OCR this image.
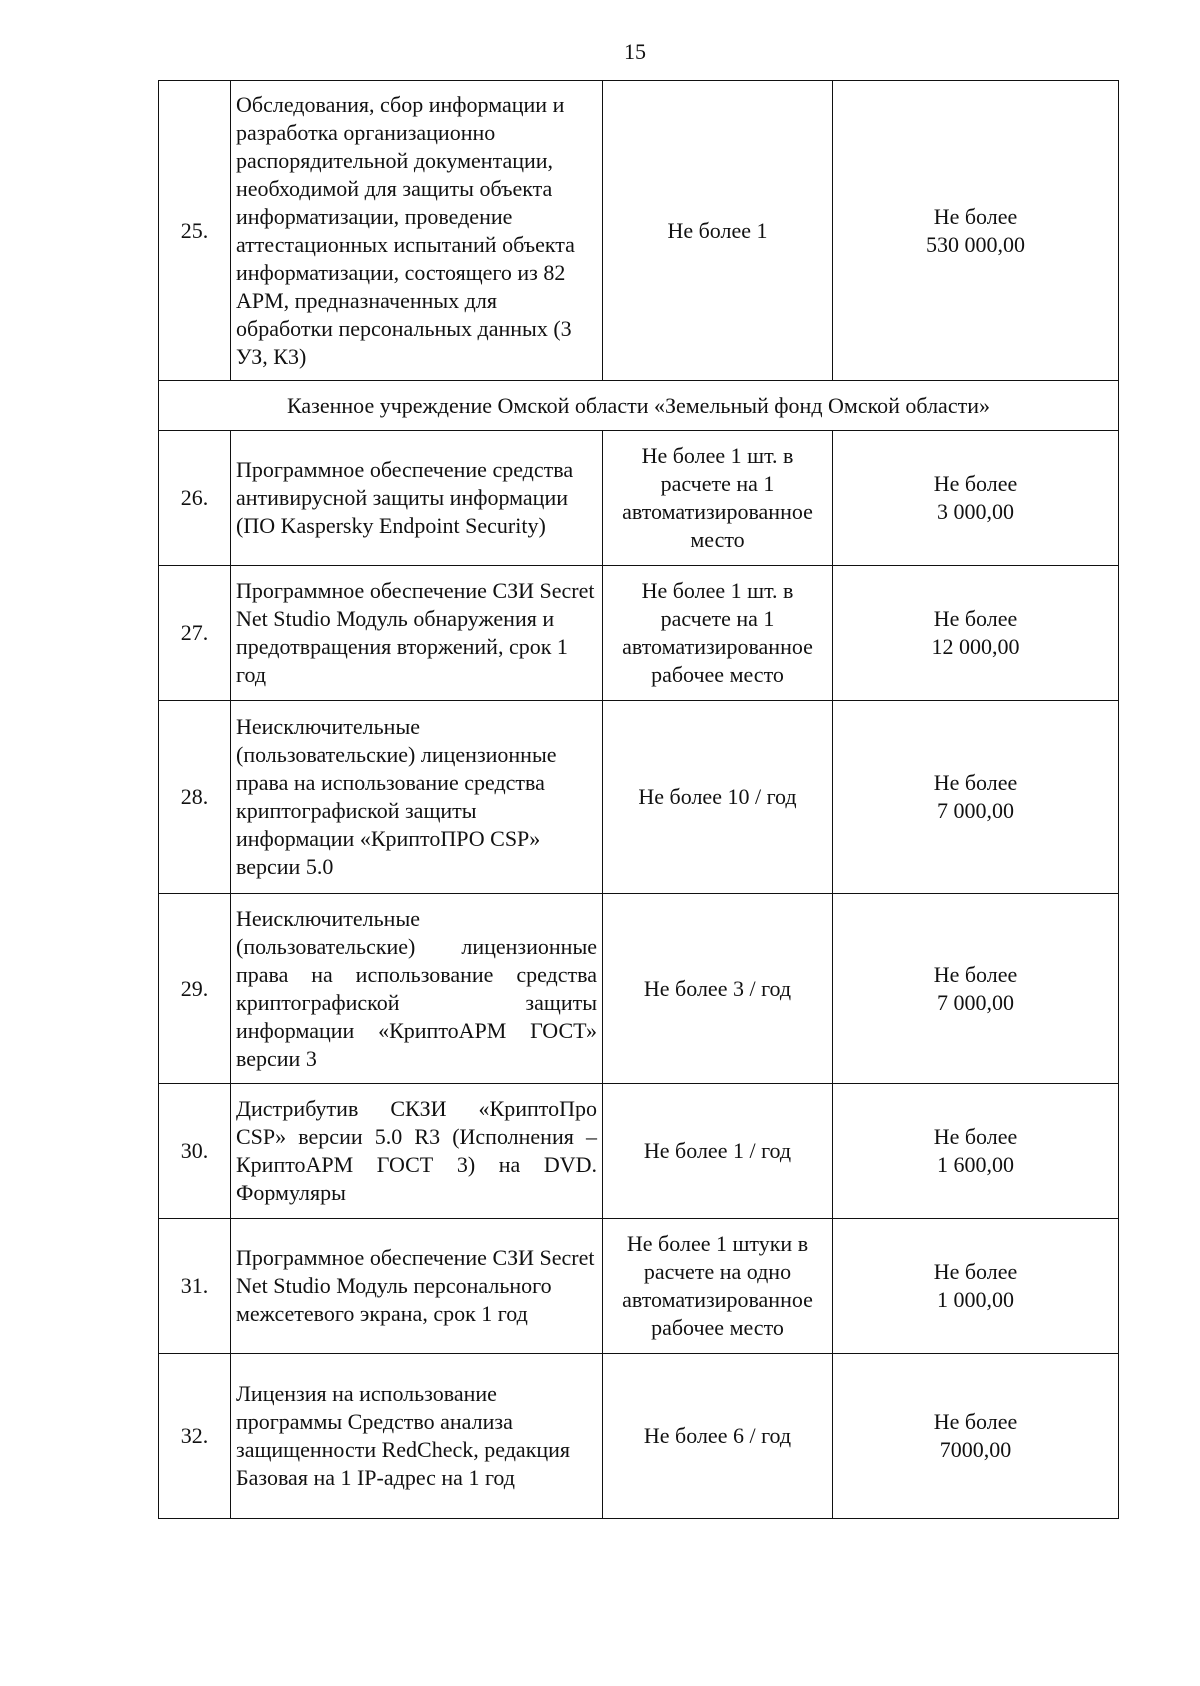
15
25.	Обследования, сбор информации и разработка организационно распорядительной документации, необходимой для защиты объекта информатизации, проведение аттестационных испытаний объекта информатизации, состоящего из 82 АРМ, предназначенных для обработки персональных данных (3 УЗ, К3)	Не более 1	Не более
530 000,00

Казенное учреждение Омской области «Земельный фонд Омской области»			
26.	Программное обеспечение средства антивирусной защиты информации (ПО Kaspersky Endpoint Security)	Не более 1 шт. в расчете на 1 автоматизированное место	Не более
3 000,00

27.	Программное обеспечение СЗИ Secret Net Studio Модуль обнаружения и предотвращения вторжений, срок 1 год	Не более 1 шт. в расчете на 1 автоматизированное рабочее место	Не более
12 000,00

28.	Неисключительные (пользовательские) лицензионные права на использование средства криптографиской защиты информации «КриптоПРО CSP» версии 5.0	Не более 10 / год	Не более
7 000,00

29.	Неисключительные (пользовательские) лицензионные права на использование средства криптографиской защиты информации «КриптоАРМ ГОСТ» версии 3	Не более 3 / год	Не более
7 000,00

30.	Дистрибутив СКЗИ «КриптоПро CSP» версии 5.0 R3 (Исполнения – КриптоАРМ ГОСТ 3) на DVD. Формуляры	Не более 1 / год	Не более
1 600,00

31.	Программное обеспечение СЗИ Secret Net Studio Модуль персонального межсетевого экрана, срок 1 год	Не более 1 штуки в расчете на одно автоматизированное рабочее место	Не более
1 000,00

32.	Лицензия на использование программы Средство анализа защищенности RedCheck, редакция Базовая на 1 IP-адрес на 1 год	Не более 6 / год	Не более
7000,00
